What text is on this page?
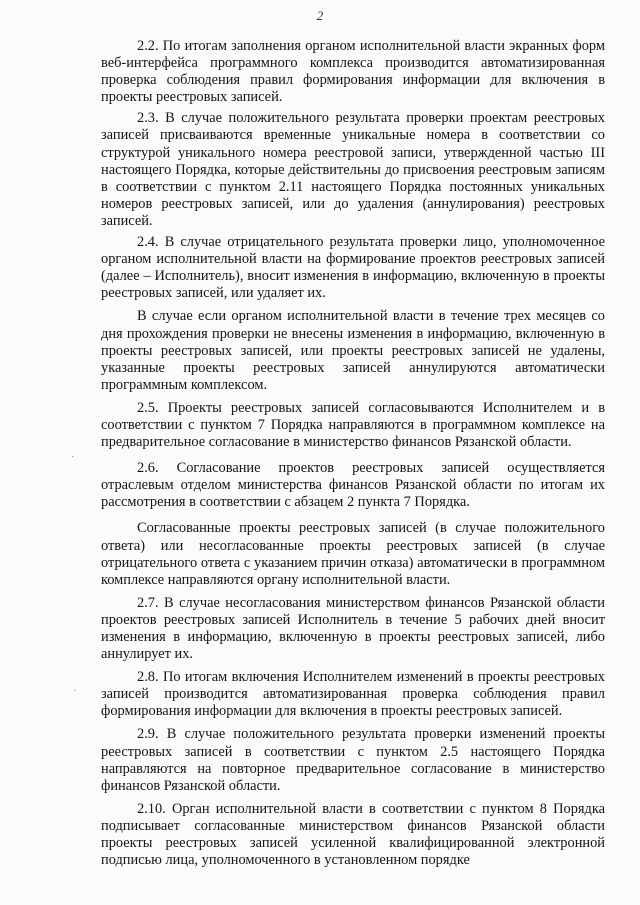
2
·
·

2.2. По итогам заполнения органом исполнительной власти экранных форм веб-интерфейса программного комплекса производится автоматизированная проверка соблюдения правил формирования информации для включения в проекты реестровых записей.

2.3. В случае положительного результата проверки проектам реестровых записей присваиваются временные уникальные номера в соответствии со структурой уникального номера реестровой записи, утвержденной частью III настоящего Порядка, которые действительны до присвоения реестровым записям в соответствии с пунктом 2.11 настоящего Порядка постоянных уникальных номеров реестровых записей, или до удаления (аннулирования) реестровых записей.

2.4. В случае отрицательного результата проверки лицо, уполномоченное органом исполнительной власти на формирование проектов реестровых записей (далее – Исполнитель), вносит изменения в информацию, включенную в проекты реестровых записей, или удаляет их.

В случае если органом исполнительной власти в течение трех месяцев со дня прохождения проверки не внесены изменения в информацию, включенную в проекты реестровых записей, или проекты реестровых записей не удалены, указанные проекты реестровых записей аннулируются автоматически программным комплексом.

2.5. Проекты реестровых записей согласовываются Исполнителем и в соответствии с пунктом 7 Порядка направляются в программном комплексе на предварительное согласование в министерство финансов Рязанской области.

2.6. Согласование проектов реестровых записей осуществляется отраслевым отделом министерства финансов Рязанской области по итогам их рассмотрения в соответствии с абзацем 2 пункта 7 Порядка.

Согласованные проекты реестровых записей (в случае положительного ответа) или несогласованные проекты реестровых записей (в случае отрицательного ответа с указанием причин отказа) автоматически в программном комплексе направляются органу исполнительной власти.

2.7. В случае несогласования министерством финансов Рязанской области проектов реестровых записей Исполнитель в течение 5 рабочих дней вносит изменения в информацию, включенную в проекты реестровых записей, либо аннулирует их.

2.8. По итогам включения Исполнителем изменений в проекты реестровых записей производится автоматизированная проверка соблюдения правил формирования информации для включения в проекты реестровых записей.

2.9. В случае положительного результата проверки изменений проекты реестровых записей в соответствии с пунктом 2.5 настоящего Порядка направляются на повторное предварительное согласование в министерство финансов Рязанской области.

2.10. Орган исполнительной власти в соответствии с пунктом 8 Порядка подписывает согласованные министерством финансов Рязанской области проекты реестровых записей усиленной квалифицированной электронной подписью лица, уполномоченного в установленном порядке
